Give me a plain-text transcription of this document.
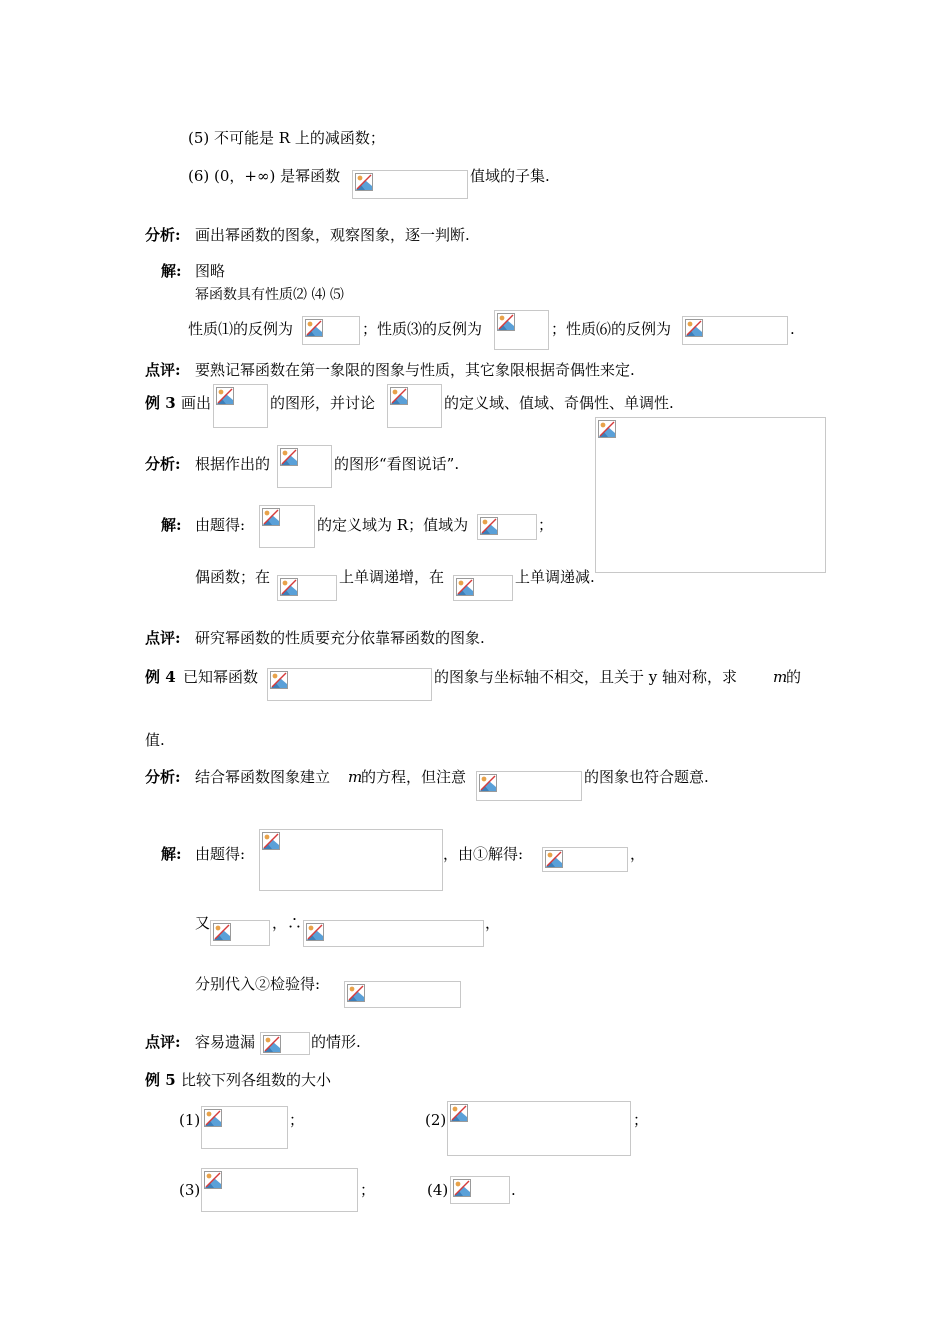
(5) 不可能是 R 上的减函数；
(6) (0，+∞) 是幂函数	值域的子集.
分析: 画出幂函数的图象，观察图象，逐一判断.
解: 图略
幂函数具有性质⑵ ⑷ ⑸
性质⑴的反例为	；性质⑶的反例为	；性质⑹的反例为	.
点评: 要熟记幂函数在第一象限的图象与性质，其它象限根据奇偶性来定.
例 3 画出	的图形，并讨论	的定义域、值域、奇偶性、单调性.
分析: 根据作出的	的图形“看图说话”.
解: 由题得:	的定义域为 R；值域为	；
偶函数；在	上单调递增，在	上单调递减.
点评: 研究幂函数的性质要充分依靠幂函数的图象.
例 4 已知幂函数	的图象与坐标轴不相交，且关于 y 轴对称，求 m
的
值.
分析: 结合幂函数图象建立 m
的方程，但注意	的图象也符合题意.
解: 由题得:	，由①解得:	，
又	，∴	，
分别代入②检验得:
点评: 容易遗漏	的情形.
例 5 比较下列各组数的大小
(1)	；	(2)	；
(3)	；	(4)	.
